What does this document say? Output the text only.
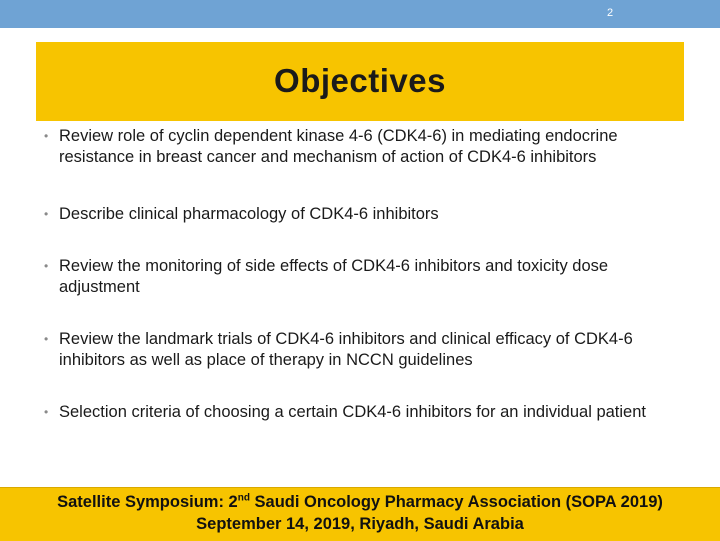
2
Objectives
• Review role of cyclin dependent kinase 4-6 (CDK4-6) in mediating endocrine resistance in breast cancer and mechanism of action of CDK4-6 inhibitors
• Describe clinical pharmacology of CDK4-6 inhibitors
• Review the monitoring of side effects of CDK4-6 inhibitors and toxicity dose adjustment
• Review the landmark trials of CDK4-6 inhibitors and clinical efficacy of CDK4-6 inhibitors as well as place of therapy in NCCN guidelines
• Selection criteria of choosing a certain CDK4-6 inhibitors for an individual patient
Satellite Symposium: 2nd Saudi Oncology Pharmacy Association (SOPA 2019)
September 14, 2019, Riyadh, Saudi Arabia
